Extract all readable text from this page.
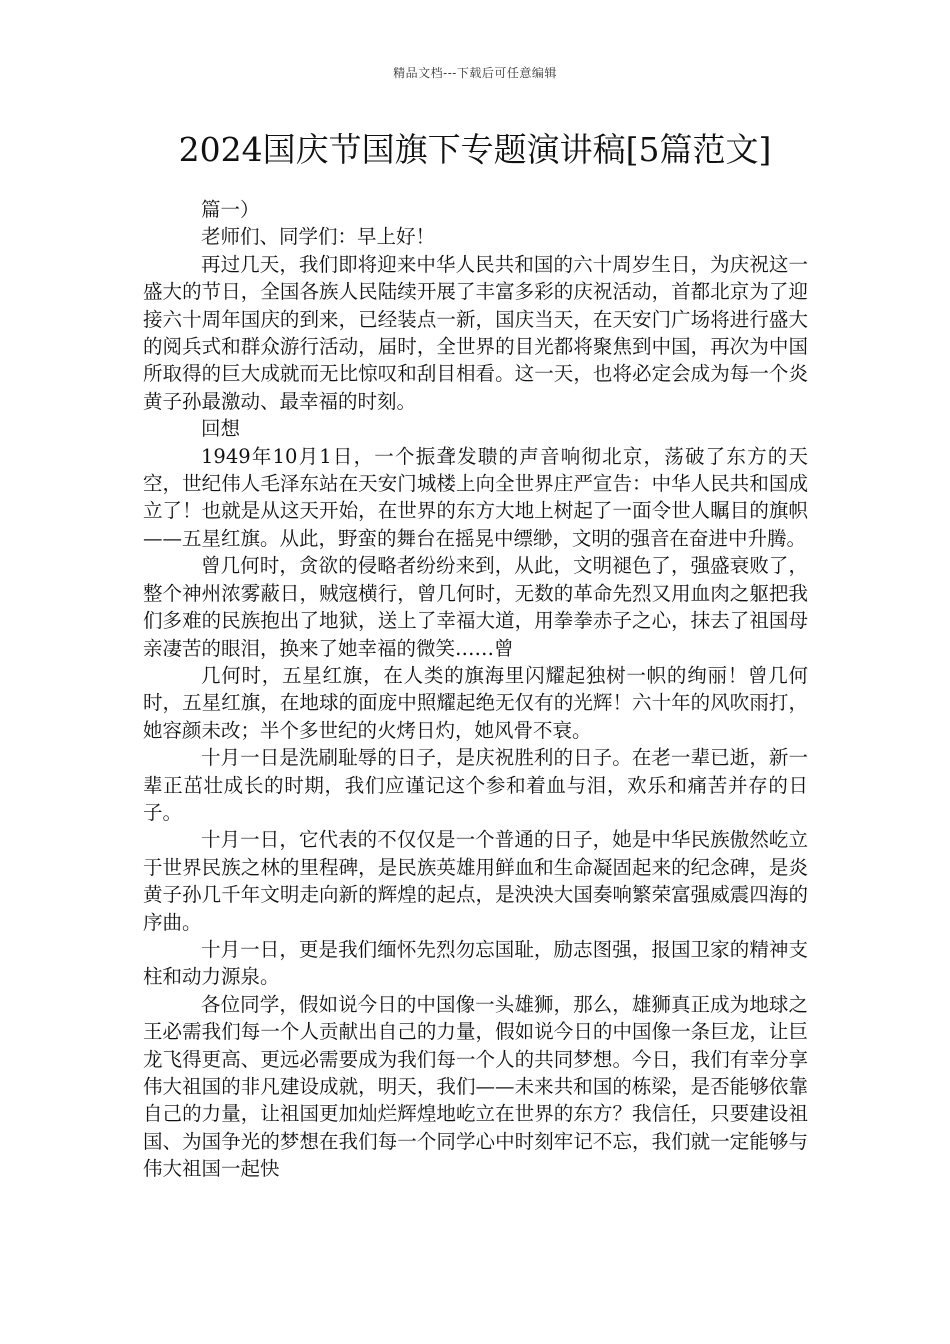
精品文档---下载后可任意编辑
2024国庆节国旗下专题演讲稿[5篇范文]

篇一）

老师们、同学们：早上好！

再过几天，我们即将迎来中华人民共和国的六十周岁生日，为庆祝这一盛大的节日，全国各族人民陆续开展了丰富多彩的庆祝活动，首都北京为了迎接六十周年国庆的到来，已经装点一新，国庆当天，在天安门广场将进行盛大的阅兵式和群众游行活动，届时，全世界的目光都将聚焦到中国，再次为中国所取得的巨大成就而无比惊叹和刮目相看。这一天，也将必定会成为每一个炎黄子孙最激动、最幸福的时刻。

回想

1949年10月1日，一个振聋发聩的声音响彻北京，荡破了东方的天空，世纪伟人毛泽东站在天安门城楼上向全世界庄严宣告：中华人民共和国成立了！也就是从这天开始，在世界的东方大地上树起了一面令世人瞩目的旗帜——五星红旗。从此，野蛮的舞台在摇晃中缥缈，文明的强音在奋进中升腾。

曾几何时，贪欲的侵略者纷纷来到，从此，文明褪色了，强盛衰败了，整个神州浓雾蔽日，贼寇横行，曾几何时，无数的革命先烈又用血肉之躯把我们多难的民族抱出了地狱，送上了幸福大道，用拳拳赤子之心，抹去了祖国母亲凄苦的眼泪，换来了她幸福的微笑……曾

几何时，五星红旗，在人类的旗海里闪耀起独树一帜的绚丽！曾几何时，五星红旗，在地球的面庞中照耀起绝无仅有的光辉！六十年的风吹雨打，她容颜未改；半个多世纪的火烤日灼，她风骨不衰。

十月一日是洗刷耻辱的日子，是庆祝胜利的日子。在老一辈已逝，新一辈正茁壮成长的时期，我们应谨记这个参和着血与泪，欢乐和痛苦并存的日子。

十月一日，它代表的不仅仅是一个普通的日子，她是中华民族傲然屹立于世界民族之林的里程碑，是民族英雄用鲜血和生命凝固起来的纪念碑，是炎黄子孙几千年文明走向新的辉煌的起点，是泱泱大国奏响繁荣富强威震四海的序曲。

十月一日，更是我们缅怀先烈勿忘国耻，励志图强，报国卫家的精神支柱和动力源泉。

各位同学，假如说今日的中国像一头雄狮，那么，雄狮真正成为地球之王必需我们每一个人贡献出自己的力量，假如说今日的中国像一条巨龙，让巨龙飞得更高、更远必需要成为我们每一个人的共同梦想。今日，我们有幸分享伟大祖国的非凡建设成就，明天，我们——未来共和国的栋梁，是否能够依靠自己的力量，让祖国更加灿烂辉煌地屹立在世界的东方？我信任，只要建设祖国、为国争光的梦想在我们每一个同学心中时刻牢记不忘，我们就一定能够与伟大祖国一起快
